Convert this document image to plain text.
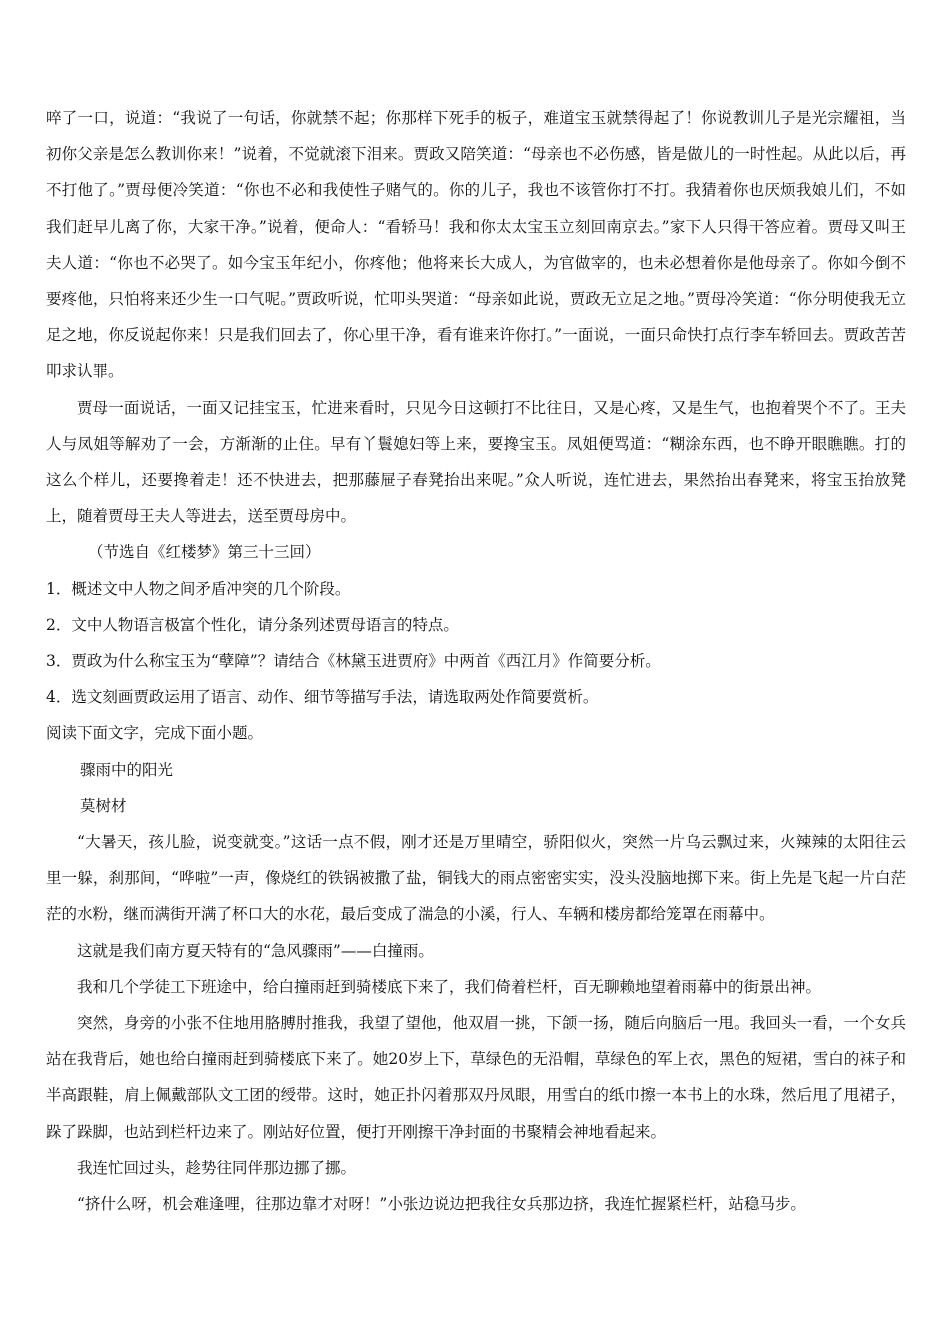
啐了一口，说道：“我说了一句话，你就禁不起；你那样下死手的板子，难道宝玉就禁得起了！你说教训儿子是光宗耀祖，当初你父亲是怎么教训你来！”说着，不觉就滚下泪来。贾政又陪笑道：“母亲也不必伤感，皆是做儿的一时性起。从此以后，再不打他了。”贾母便冷笑道：“你也不必和我使性子赌气的。你的儿子，我也不该管你打不打。我猜着你也厌烦我娘儿们，不如我们赶早儿离了你，大家干净。”说着，便命人：“看轿马！我和你太太宝玉立刻回南京去。”家下人只得干答应着。贾母又叫王夫人道：“你也不必哭了。如今宝玉年纪小，你疼他；他将来长大成人，为官做宰的，也未必想着你是他母亲了。你如今倒不要疼他，只怕将来还少生一口气呢。”贾政听说，忙叩头哭道：“母亲如此说，贾政无立足之地。”贾母冷笑道：“你分明使我无立足之地，你反说起你来！只是我们回去了，你心里干净，看有谁来许你打。”一面说，一面只命快打点行李车轿回去。贾政苦苦叩求认罪。

贾母一面说话，一面又记挂宝玉，忙进来看时，只见今日这顿打不比往日，又是心疼，又是生气，也抱着哭个不了。王夫人与凤姐等解劝了一会，方渐渐的止住。早有丫鬟媳妇等上来，要搀宝玉。凤姐便骂道：“糊涂东西，也不睁开眼瞧瞧。打的这么个样儿，还要搀着走！还不快进去，把那藤屉子春凳抬出来呢。”众人听说，连忙进去，果然抬出春凳来，将宝玉抬放凳上，随着贾母王夫人等进去，送至贾母房中。

（节选自《红楼梦》第三十三回）

1．概述文中人物之间矛盾冲突的几个阶段。

2．文中人物语言极富个性化，请分条列述贾母语言的特点。

3．贾政为什么称宝玉为“孽障”？请结合《林黛玉进贾府》中两首《西江月》作简要分析。

4．选文刻画贾政运用了语言、动作、细节等描写手法，请选取两处作简要赏析。

阅读下面文字，完成下面小题。

骤雨中的阳光

莫树材

“大暑天，孩儿脸，说变就变。”这话一点不假，刚才还是万里晴空，骄阳似火，突然一片乌云飘过来，火辣辣的太阳往云里一躲，刹那间，“哗啦”一声，像烧红的铁锅被撒了盐，铜钱大的雨点密密实实，没头没脑地掷下来。街上先是飞起一片白茫茫的水粉，继而满街开满了杯口大的水花，最后变成了湍急的小溪，行人、车辆和楼房都给笼罩在雨幕中。

这就是我们南方夏天特有的“急风骤雨”——白撞雨。

我和几个学徒工下班途中，给白撞雨赶到骑楼底下来了，我们倚着栏杆，百无聊赖地望着雨幕中的街景出神。

突然，身旁的小张不住地用胳膊肘推我，我望了望他，他双眉一挑，下颌一扬，随后向脑后一甩。我回头一看，一个女兵站在我背后，她也给白撞雨赶到骑楼底下来了。她20岁上下，草绿色的无沿帽，草绿色的军上衣，黑色的短裙，雪白的袜子和半高跟鞋，肩上佩戴部队文工团的绶带。这时，她正扑闪着那双丹凤眼，用雪白的纸巾擦一本书上的水珠，然后甩了甩裙子，跺了跺脚，也站到栏杆边来了。刚站好位置，便打开刚擦干净封面的书聚精会神地看起来。

我连忙回过头，趁势往同伴那边挪了挪。

“挤什么呀，机会难逢哩，往那边靠才对呀！”小张边说边把我往女兵那边挤，我连忙握紧栏杆，站稳马步。
